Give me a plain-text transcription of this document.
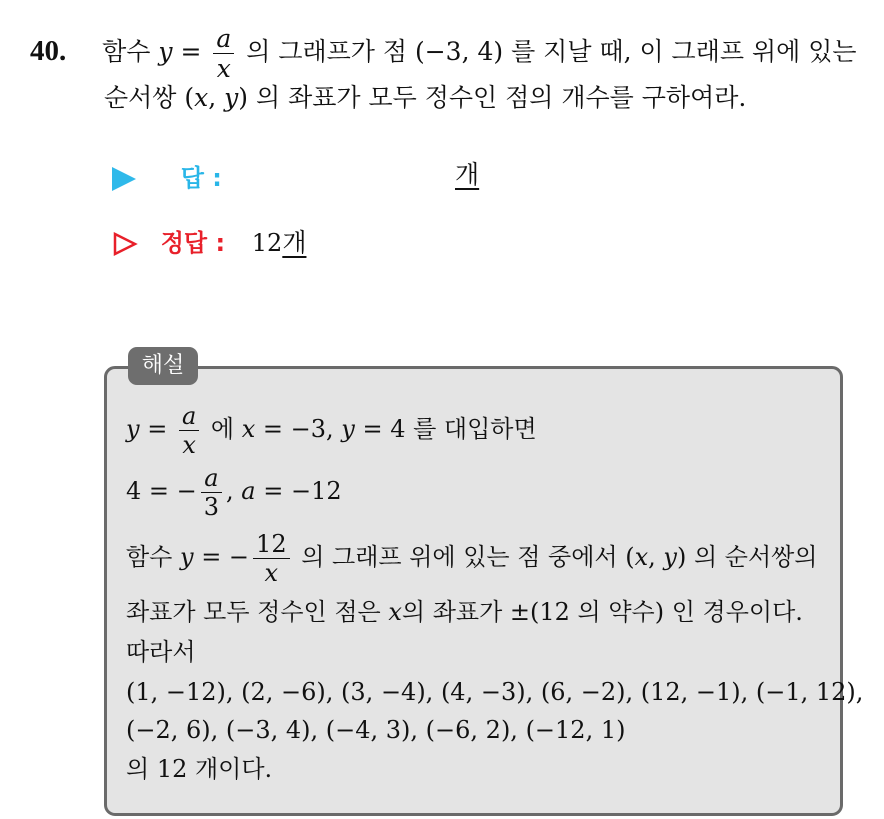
40. 함수 $y = \frac{a}{x}$ 의 그래프가 점 (−3, 4) 를 지날 때, 이 그래프 위에 있는
순서쌍 (x, y) 의 좌표가 모두 정수인 점의 개수를 구하여라.
답 :	개
정답 : 12개
해설
$y = \frac{a}{x}$ 에 x = −3, y = 4 를 대입하면
4 = − $\frac{a}{3}$ , a = −12
함수 y = − $\frac{12}{x}$ 의 그래프 위에 있는 점 중에서 (x, y) 의 순서쌍의
좌표가 모두 정수인 점은 x의 좌표가 ±(12 의 약수) 인 경우이다.
따라서
(1, −12), (2, −6), (3, −4), (4, −3), (6, −2), (12, −1), (−1, 12),
(−2, 6), (−3, 4), (−4, 3), (−6, 2), (−12, 1)
의 12 개이다.
